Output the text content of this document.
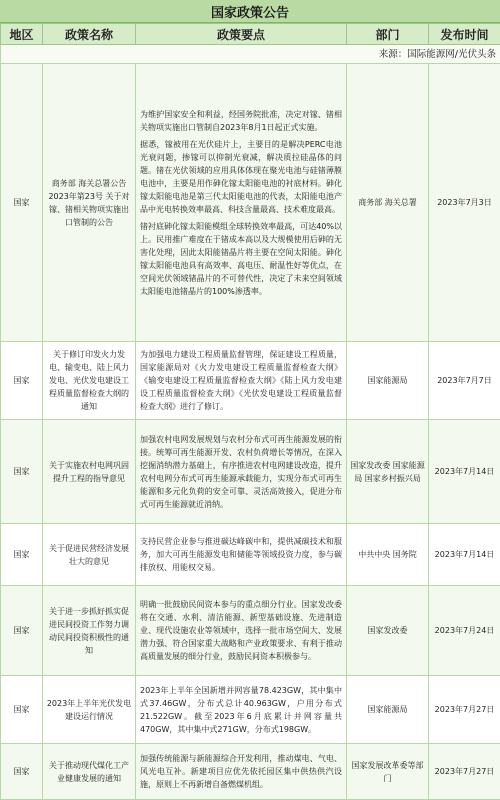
国家政策公告
地区	政策名称	政策要点	部门	发布时间
来源：国际能源网/光伏头条				
国家	商务部 海关总署公告2023年第23号 关于对镓、锗相关物项实施出口管制的公告	为维护国家安全和利益，经国务院批准，决定对镓、锗相关物项实施出口管制自2023年8月1日起正式实施。

据悉，镓被用在光伏硅片上，主要目的是解决PERC电池光衰问题，掺镓可以抑制光衰减，解决质拉硅晶体的问题。锗在光伏领域的应用具体体现在聚光电池与硅锗薄膜电池中，主要是用作砷化镓太阳能电池的衬底材料。砷化镓太阳能电池是第三代太阳能电池的代表，太阳能电池产品中光电转换效率最高、科技含量最高、技术难度最高。

锗衬底砷化镓太阳能模组全球转换效率最高，可达40%以上。民用推广难度在于锗成本高以及大规模使用后砷的无害化处理，因此太阳能锗晶片将主要在空间太阳能。砷化镓太阳能电池具有高效率、高电压、耐温性好等优点，在空间光伏领域锗晶片的不可替代性，决定了未来空间领域太阳能电池锗晶片的100%渗透率。	商务部 海关总署	2023年7月3日
国家	关于修订印发火力发电、输变电、陆上风力发电、光伏发电建设工程质量监督检查大纲的通知	为加强电力建设工程质量监督管理，保证建设工程质量，国家能源局对《火力发电建设工程质量监督检查大纲》《输变电建设工程质量监督检查大纲》《陆上风力发电建设工程质量监督检查大纲》《光伏发电建设工程质量监督检查大纲》进行了修订。	国家能源局	2023年7月7日
国家	关于实施农村电网巩固提升工程的指导意见	加强农村电网发展规划与农村分布式可再生能源发展的衔接。统筹可再生能源开发、农村负荷增长等情况，在深入挖掘消纳潜力基础上，有序推进农村电网建设改造，提升农村电网分布式可再生能源承载能力，实现分布式可再生能源和多元化负荷的安全可靠、灵活高效接入，促进分布式可再生能源就近消纳。	国家发改委 国家能源局 国家乡村振兴局	2023年7月14日
国家	关于促进民营经济发展壮大的意见	支持民营企业参与推进碳达峰碳中和，提供减碳技术和服务，加大可再生能源发电和储能等领域投资力度，参与碳排放权、用能权交易。	中共中央 国务院	2023年7月14日
国家	关于进一步抓好抓实促进民间投资工作努力调动民间投资积极性的通知	明确一批鼓励民间资本参与的重点细分行业。国家发改委将在交通、水利、清洁能源、新型基础设施、先进制造业、现代设施农业等领域中，选择一批市场空间大、发展潜力强、符合国家重大战略和产业政策要求、有利于推动高质量发展的细分行业，鼓励民间资本积极参与。	国家发改委	2023年7月24日
国家	2023年上半年光伏发电建设运行情况	2023年上半年全国新增并网容量78.423GW，其中集中式37.46GW，分布式总计40.963GW，户用分布式21.522GW。截至2023年6月底累计并网容量共470GW，其中集中式271GW，分布式198GW。	国家能源局	2023年7月27日
国家	关于推动现代煤化工产业健康发展的通知	加强传统能源与新能源综合开发利用，推动煤电、气电、风光电互补。新建项目应优先依托园区集中供热供汽设施，原则上不再新增自备燃煤机组。	国家发展改革委等部门	2023年7月27日
